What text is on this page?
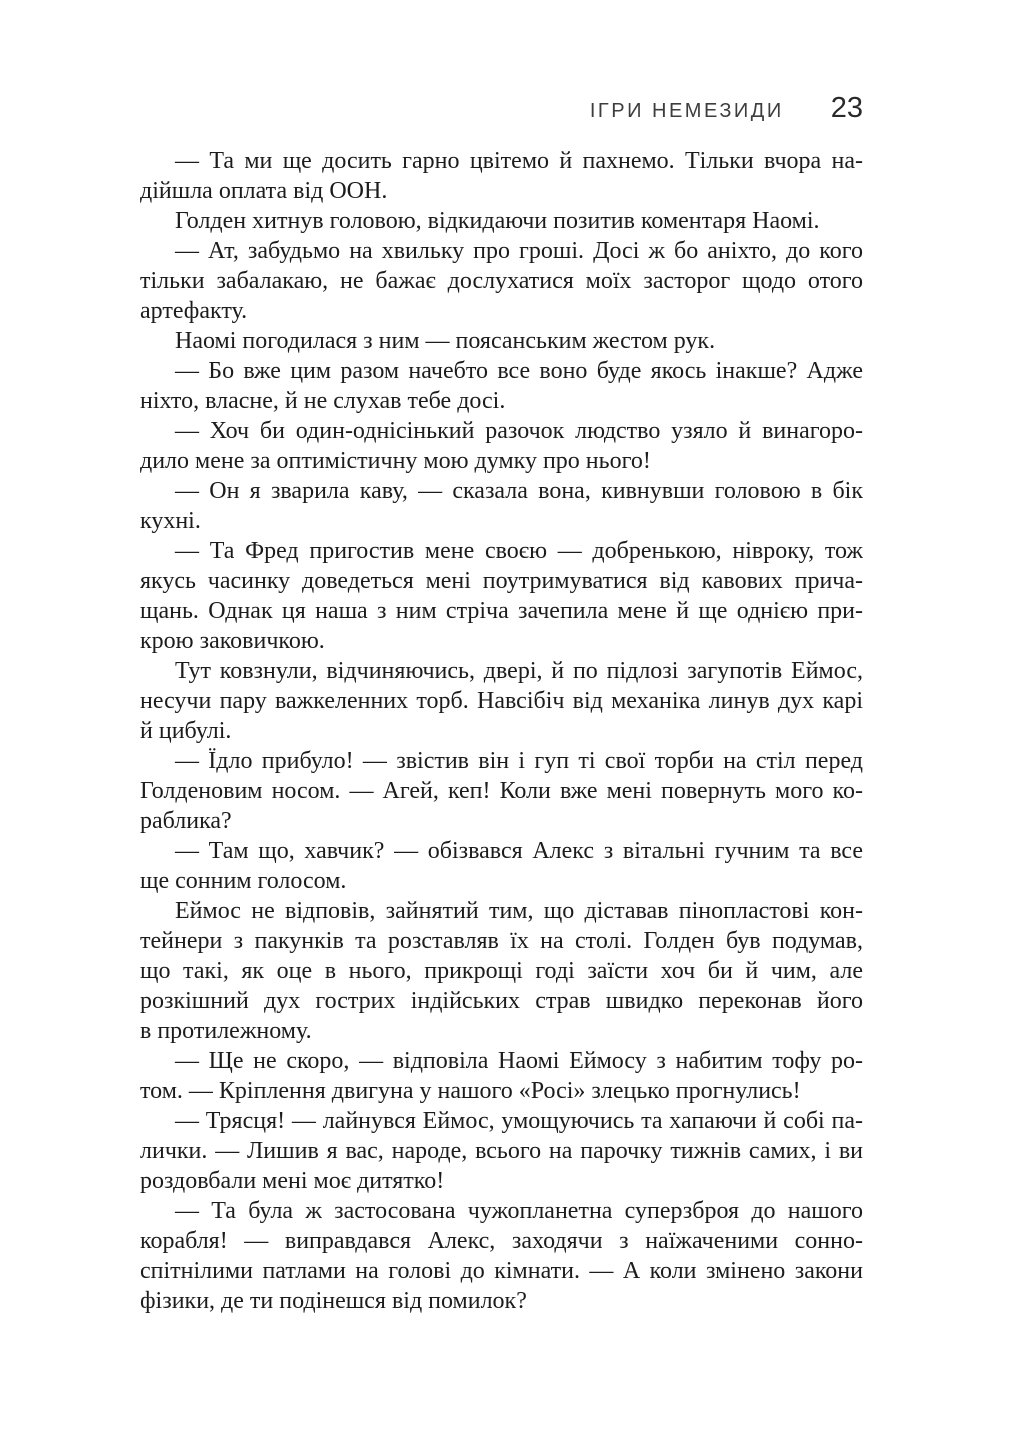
ІГРИ НЕМЕЗИДИ 23
— Та ми ще досить гарно цвітемо й пахнемо. Тільки вчора на-
дійшла оплата від ООН.
Голден хитнув головою, відкидаючи позитив коментаря Наомі.
— Ат, забудьмо на хвильку про гроші. Досі ж бо аніхто, до кого
тільки забалакаю, не бажає дослухатися моїх засторог щодо отого
артефакту.
Наомі погодилася з ним — поясанським жестом рук.
— Бо вже цим разом начебто все воно буде якось інакше? Адже
ніхто, власне, й не слухав тебе досі.
— Хоч би один-однісінький разочок людство узяло й винагоро-
дило мене за оптимістичну мою думку про нього!
— Он я зварила каву, — сказала вона, кивнувши головою в бік
кухні.
— Та Фред пригостив мене своєю — добренькою, нівроку, тож
якусь часинку доведеться мені поутримуватися від кавових прича-
щань. Однак ця наша з ним стріча зачепила мене й ще однією при-
крою заковичкою.
Тут ковзнули, відчиняючись, двері, й по підлозі загупотів Еймос,
несучи пару важкеленних торб. Навсібіч від механіка линув дух карі
й цибулі.
— Їдло прибуло! — звістив він і гуп ті свої торби на стіл перед
Голденовим носом. — Агей, кеп! Коли вже мені повернуть мого ко-
раблика?
— Там що, хавчик? — обізвався Алекс з вітальні гучним та все
ще сонним голосом.
Еймос не відповів, зайнятий тим, що діставав пінопластові кон-
тейнери з пакунків та розставляв їх на столі. Голден був подумав,
що такі, як оце в нього, прикрощі годі заїсти хоч би й чим, але
розкішний дух гострих індійських страв швидко переконав його
в протилежному.
— Ще не скоро, — відповіла Наомі Еймосу з набитим тофу ро-
том. — Кріплення двигуна у нашого «Росі» злецько прогнулись!
— Трясця! — лайнувся Еймос, умощуючись та хапаючи й собі па-
лички. — Лишив я вас, народе, всього на парочку тижнів самих, і ви
роздовбали мені моє дитятко!
— Та була ж застосована чужопланетна суперзброя до нашого
корабля! — виправдався Алекс, заходячи з наїжаченими сонно-
спітнілими патлами на голові до кімнати. — А коли змінено закони
фізики, де ти подінешся від помилок?
